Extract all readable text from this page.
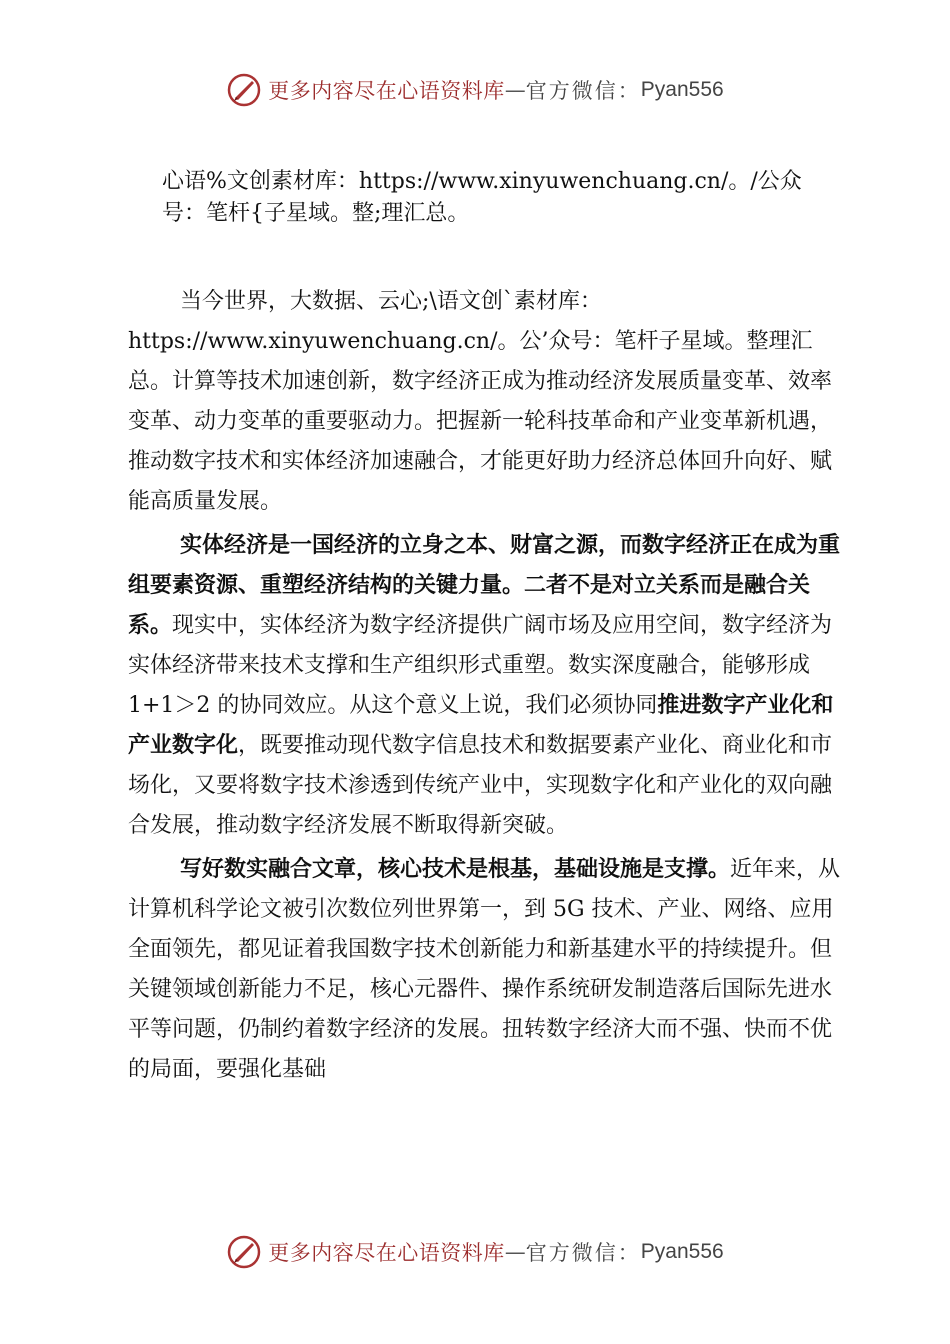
更多内容尽在心语资料库 — 官方微信： Pyan556
心语%文创素材库：https://www.xinyuwenchuang.cn/。/公众号：笔杆{子星域。整;理汇总。

当今世界，大数据、云心;\语文创`素材库：https://www.xinyuwenchuang.cn/。公’众号：笔杆子星域。整理汇总。计算等技术加速创新，数字经济正成为推动经济发展质量变革、效率变革、动力变革的重要驱动力。把握新一轮科技革命和产业变革新机遇，推动数字技术和实体经济加速融合，才能更好助力经济总体回升向好、赋能高质量发展。

实体经济是一国经济的立身之本、财富之源，而数字经济正在成为重组要素资源、重塑经济结构的关键力量。二者不是对立关系而是融合关系。现实中，实体经济为数字经济提供广阔市场及应用空间，数字经济为实体经济带来技术支撑和生产组织形式重塑。数实深度融合，能够形成 1+1＞2 的协同效应。从这个意义上说，我们必须协同推进数字产业化和产业数字化，既要推动现代数字信息技术和数据要素产业化、商业化和市场化，又要将数字技术渗透到传统产业中，实现数字化和产业化的双向融合发展，推动数字经济发展不断取得新突破。

写好数实融合文章，核心技术是根基，基础设施是支撑。近年来，从计算机科学论文被引次数位列世界第一，到 5G 技术、产业、网络、应用全面领先，都见证着我国数字技术创新能力和新基建水平的持续提升。但关键领域创新能力不足，核心元器件、操作系统研发制造落后国际先进水平等问题，仍制约着数字经济的发展。扭转数字经济大而不强、快而不优的局面，要强化基础

更多内容尽在心语资料库 — 官方微信： Pyan556
